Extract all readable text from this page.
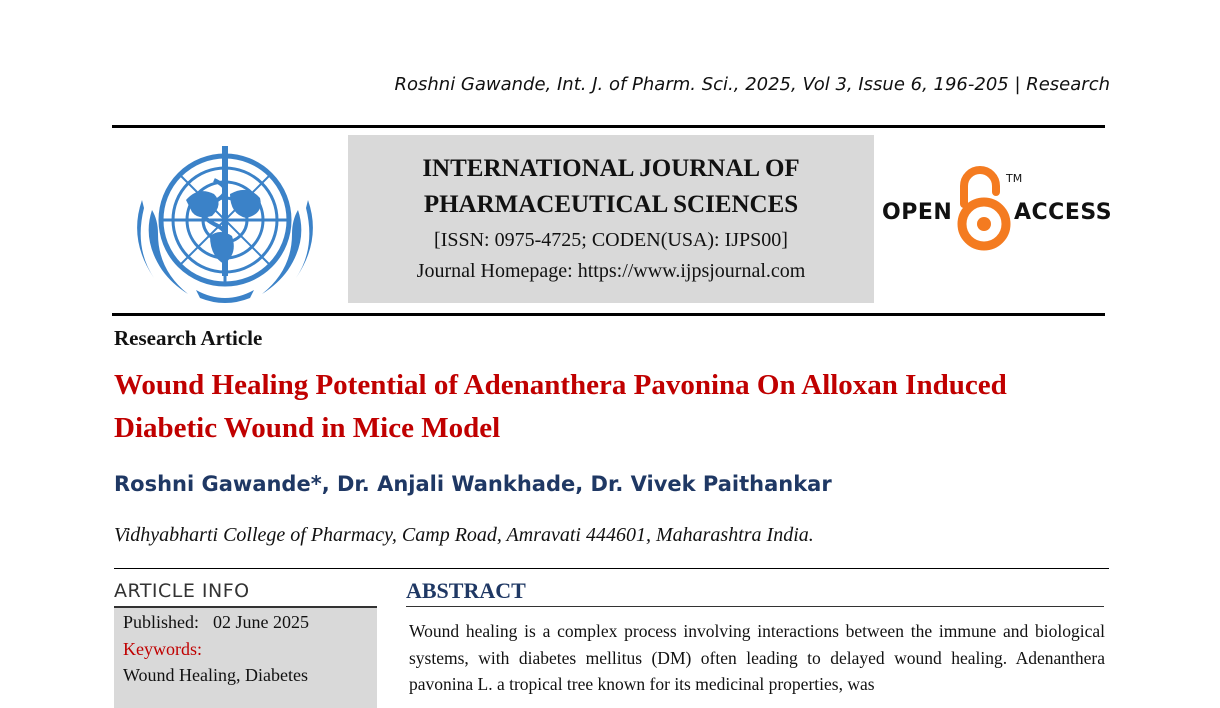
Roshni Gawande, Int. J. of Pharm. Sci., 2025, Vol 3, Issue 6, 196-205 | Research
INTERNATIONAL JOURNAL OF
PHARMACEUTICAL SCIENCES
[ISSN: 0975-4725; CODEN(USA): IJPS00]
Journal Homepage: https://www.ijpsjournal.com
OPEN
TM
ACCESS
Research Article
Wound Healing Potential of Adenanthera Pavonina On Alloxan Induced Diabetic Wound in Mice Model
Roshni Gawande*, Dr. Anjali Wankhade, Dr. Vivek Paithankar
Vidhyabharti College of Pharmacy, Camp Road, Amravati 444601, Maharashtra India.
ARTICLE INFO
Published: 02 June 2025
Keywords:
Wound Healing, Diabetes
ABSTRACT
Wound healing is a complex process involving interactions between the immune and biological systems, with diabetes mellitus (DM) often leading to delayed wound healing. Adenanthera pavonina L. a tropical tree known for its medicinal properties, was
